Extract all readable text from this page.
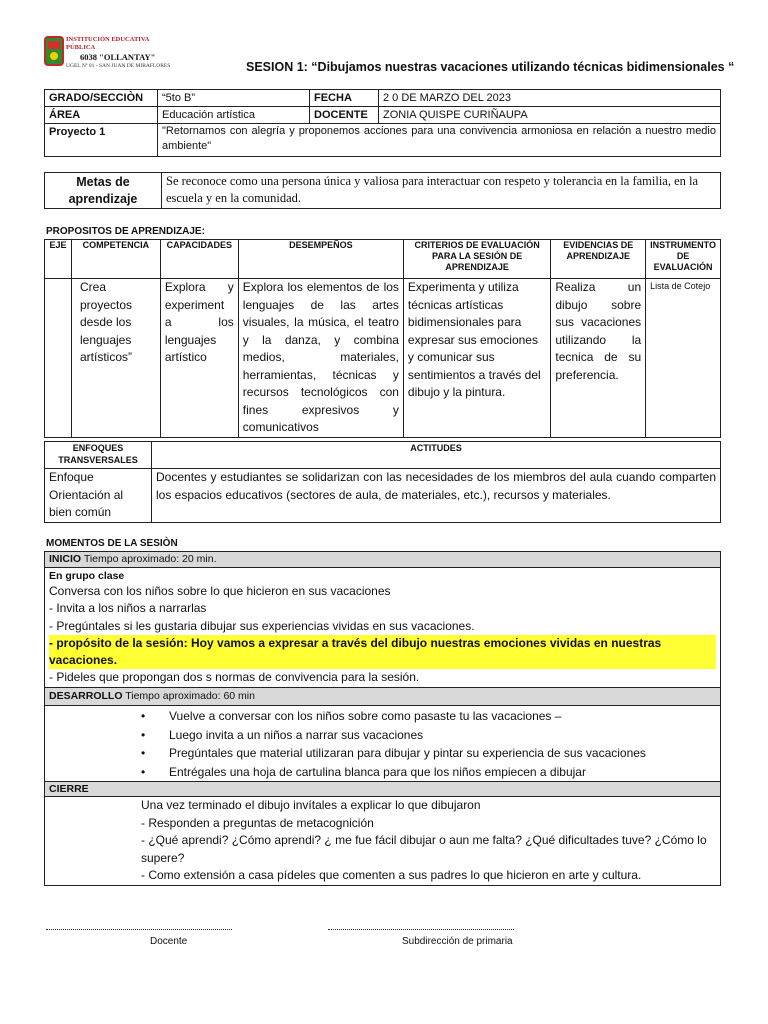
INSTITUCIÓN EDUCATIVA PÚBLICA
6038 "OLLANTAY"
UGEL Nº 01 - SAN JUAN DE MIRAFLORES	SESION 1: “Dibujamos nuestras vacaciones utilizando técnicas bidimensionales “
GRADO/SECCIÒN	“5to B”	FECHA	2 0 DE MARZO DEL 2023
ÁREA	Educación artística	DOCENTE	ZONIA QUISPE CURIÑAUPA
Proyecto 1	"Retornamos con alegría y proponemos acciones para una convivencia armoniosa en relación a nuestro medio ambiente"		
Metas de aprendizaje	Se reconoce como una persona única y valiosa para interactuar con respeto y tolerancia en la familia, en la escuela y en la comunidad.
PROPOSITOS DE APRENDIZAJE:
EJE	COMPETENCIA	CAPACIDADES	DESEMPEÑOS	CRITERIOS DE EVALUACIÓN PARA LA SESIÓN DE APRENDIZAJE	EVIDENCIAS DE APRENDIZAJE	INSTRUMENTO DE EVALUACIÓN
	Crea proyectos desde los lenguajes artísticos”	Explora y experiment a los lenguajes artístico	Explora los elementos de los lenguajes de las artes visuales, la música, el teatro y la danza, y combina medios, materiales, herramientas, técnicas y recursos tecnológicos con fines expresivos y comunicativos	Experimenta y utiliza técnicas artísticas bidimensionales para expresar sus emociones y comunicar sus sentimientos a través del dibujo y la pintura.	Realiza un dibujo sobre sus vacaciones utilizando la tecnica de su preferencia.	Lista de Cotejo
ENFOQUES TRANSVERSALES	ACTITUDES
Enfoque Orientación al bien común	Docentes y estudiantes se solidarizan con las necesidades de los miembros del aula cuando comparten los espacios educativos (sectores de aula, de materiales, etc.), recursos y materiales.
MOMENTOS DE LA SESIÒN
INICIO Tiempo aproximado: 20 min.

En grupo clase
Conversa con los niños sobre lo que hicieron en sus vacaciones
- Invita a los niños a narrarlas
- Pregúntales si les gustaria dibujar sus experiencias vividas en sus vacaciones.
- propósito de la sesión: Hoy vamos a expresar a través del dibujo nuestras emociones vividas en nuestras vacaciones.
- Pideles que propongan dos s normas de convivencia para la sesión.

DESARROLLO Tiempo aproximado: 60 min

• Vuelve a conversar con los niños sobre como pasaste tu las vacaciones –
• Luego invita a un niños a narrar sus vacaciones
• Pregúntales que material utilizaran para dibujar y pintar su experiencia de sus vacaciones
• Entrégales una hoja de cartulina blanca para que los niños empiecen a dibujar

CIERRE

Una vez terminado el dibujo invítales a explicar lo que dibujaron
- Responden a preguntas de metacognición
- ¿Qué aprendi? ¿Cómo aprendi? ¿ me fue fácil dibujar o aun me falta? ¿Qué dificultades tuve? ¿Cómo lo supere?
- Como extensión a casa pídeles que comenten a sus padres lo que hicieron en arte y cultura.
Docente	Subdirección de primaria
